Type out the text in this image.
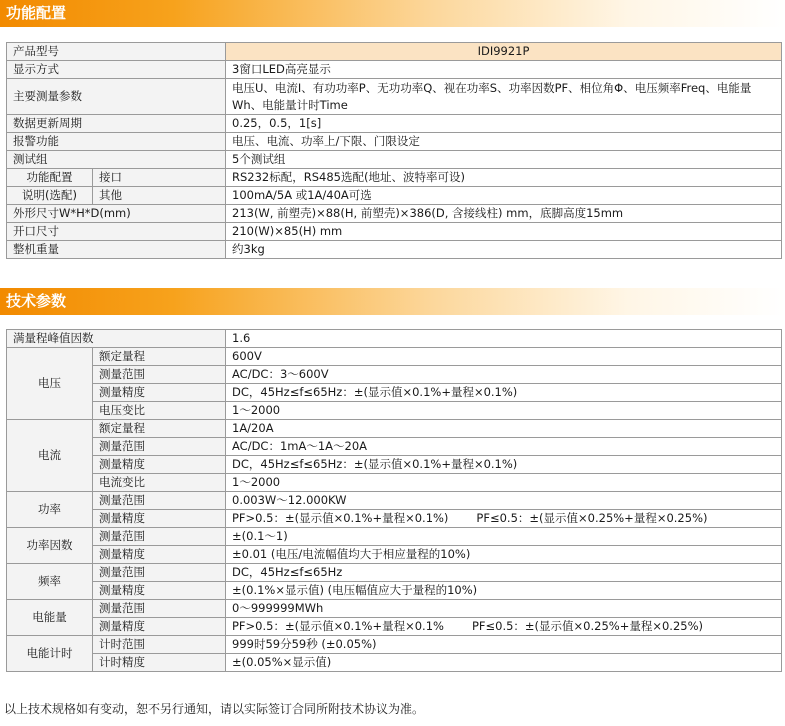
功能配置
产品型号		IDI9921P
显示方式		3窗口LED高亮显示
主要测量参数		电压U、电流I、有功功率P、无功功率Q、视在功率S、功率因数PF、相位角Φ、电压频率Freq、电能量Wh、电能量计时Time
数据更新周期		0.25，0.5，1[s]
报警功能		电压、电流、功率上/下限、门限设定
测试组		5个测试组
功能配置	接口	RS232标配，RS485选配(地址、波特率可设)
说明(选配)	其他	100mA/5A 或1A/40A可选
外形尺寸W*H*D(mm)		213(W, 前塑壳)×88(H, 前塑壳)×386(D, 含接线柱) mm，底脚高度15mm
开口尺寸		210(W)×85(H) mm
整机重量		约3kg
技术参数
满量程峰值因数		1.6
电压	额定量程	600V
	测量范围	AC/DC：3～600V
	测量精度	DC，45Hz≤f≤65Hz：±(显示值×0.1%+量程×0.1%)
	电压变比	1～2000
电流	额定量程	1A/20A
	测量范围	AC/DC：1mA～1A～20A
	测量精度	DC，45Hz≤f≤65Hz：±(显示值×0.1%+量程×0.1%)
	电流变比	1～2000
功率	测量范围	0.003W～12.000KW
	测量精度	PF>0.5：±(显示值×0.1%+量程×0.1%) PF≤0.5：±(显示值×0.25%+量程×0.25%)
功率因数	测量范围	±(0.1～1)
	测量精度	±0.01 (电压/电流幅值均大于相应量程的10%)
频率	测量范围	DC，45Hz≤f≤65Hz
	测量精度	±(0.1%×显示值) (电压幅值应大于量程的10%)
电能量	测量范围	0～999999MWh
	测量精度	PF>0.5：±(显示值×0.1%+量程×0.1% PF≤0.5：±(显示值×0.25%+量程×0.25%)
电能计时	计时范围	999时59分59秒 (±0.05%)
	计时精度	±(0.05%×显示值)
以上技术规格如有变动，恕不另行通知，请以实际签订合同所附技术协议为准。
